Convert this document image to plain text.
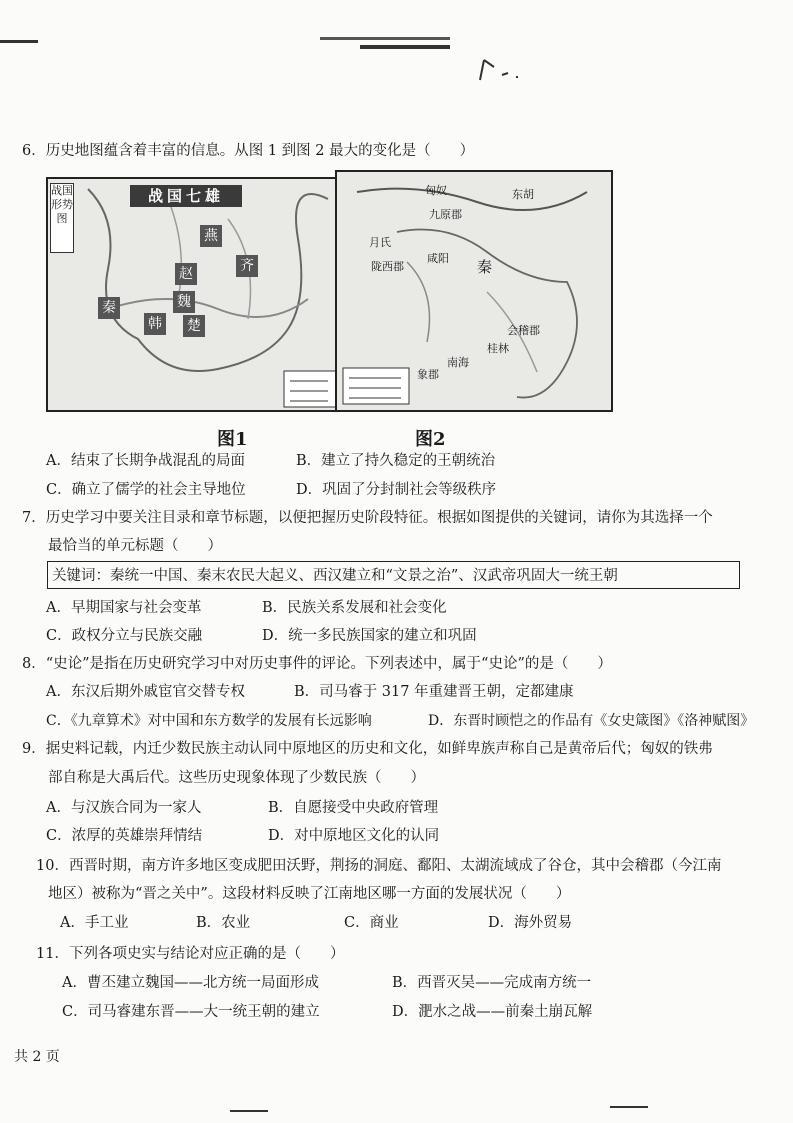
6．历史地图蕴含着丰富的信息。从图 1 到图 2 最大的变化是（　　）
战国形势图
战国七雄
燕
赵	齐
魏
秦
韩 楚
匈奴	东胡
月氏
九原郡
陇西郡
咸阳 秦
会稽郡
桂林
南海
象郡
图1	图2
A．结束了长期争战混乱的局面	B．建立了持久稳定的王朝统治
C．确立了儒学的社会主导地位	D．巩固了分封制社会等级秩序
7．历史学习中要关注目录和章节标题，以便把握历史阶段特征。根据如图提供的关键词，请你为其选择一个
最恰当的单元标题（　　）
关键词：秦统一中国、秦末农民大起义、西汉建立和“文景之治”、汉武帝巩固大一统王朝
A．早期国家与社会变革	B．民族关系发展和社会变化
C．政权分立与民族交融	D．统一多民族国家的建立和巩固
8．“史论”是指在历史研究学习中对历史事件的评论。下列表述中，属于“史论”的是（　　）
A．东汉后期外戚宦官交替专权	B．司马睿于 317 年重建晋王朝，定都建康
C．《九章算术》对中国和东方数学的发展有长远影响	D．东晋时顾恺之的作品有《女史箴图》《洛神赋图》
9．据史料记载，内迁少数民族主动认同中原地区的历史和文化，如鲜卑族声称自己是黄帝后代；匈奴的铁弗
部自称是大禹后代。这些历史现象体现了少数民族（　　）
A．与汉族合同为一家人	B．自愿接受中央政府管理
C．浓厚的英雄崇拜情结	D．对中原地区文化的认同
10．西晋时期，南方许多地区变成肥田沃野，荆扬的洞庭、鄱阳、太湖流域成了谷仓，其中会稽郡（今江南
地区）被称为“晋之关中”。这段材料反映了江南地区哪一方面的发展状况（　　）
A．手工业	B．农业	C．商业	D．海外贸易
11．下列各项史实与结论对应正确的是（　　）
A．曹丕建立魏国——北方统一局面形成	B．西晋灭吴——完成南方统一
C．司马睿建东晋——大一统王朝的建立	D．淝水之战——前秦土崩瓦解
共 2 页
